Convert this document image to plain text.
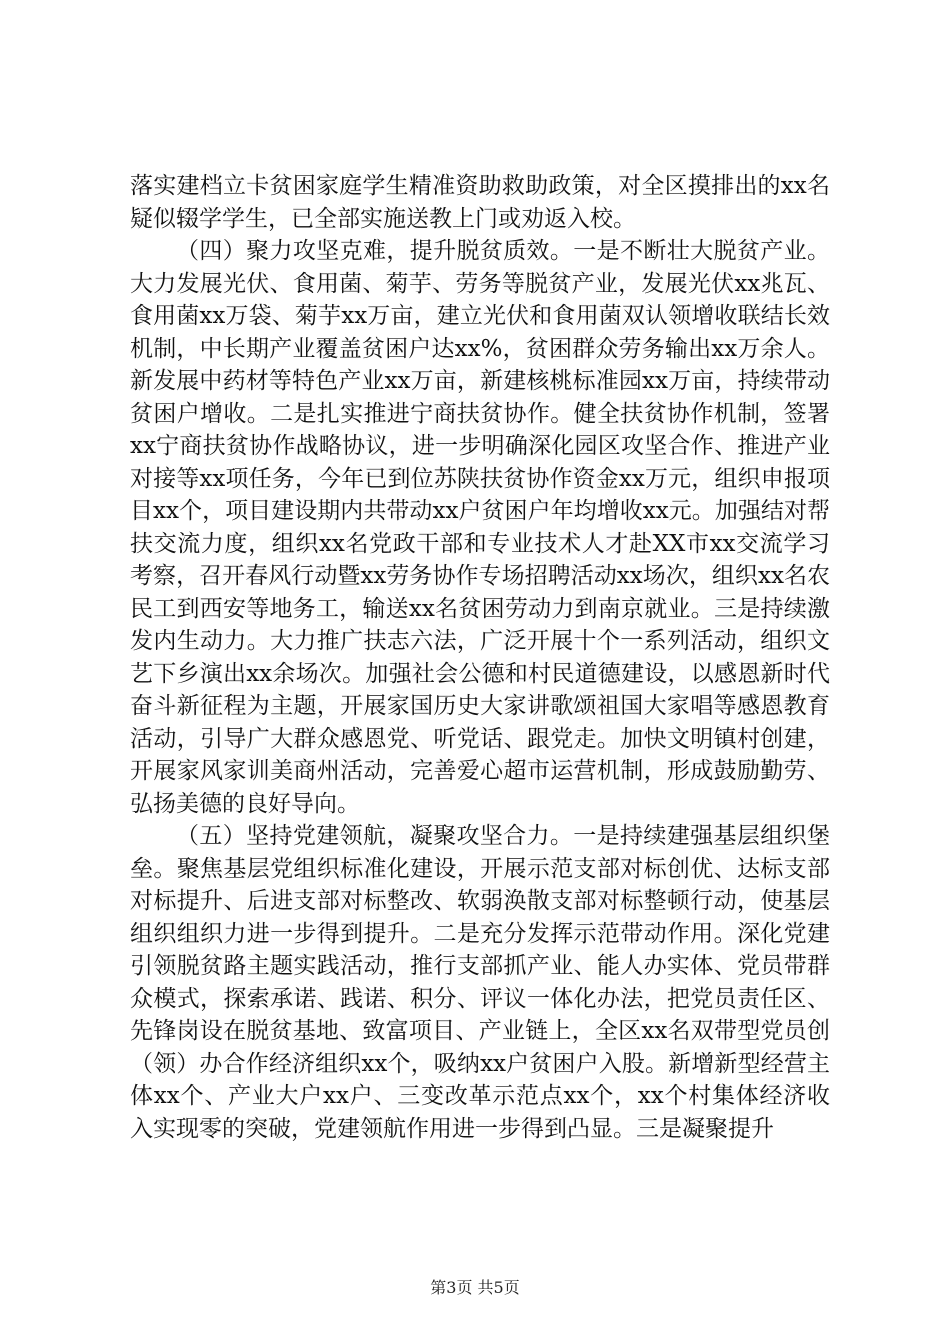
落实建档立卡贫困家庭学生精准资助救助政策，对全区摸排出的xx名疑似辍学学生，已全部实施送教上门或劝返入校。

（四）聚力攻坚克难，提升脱贫质效。一是不断壮大脱贫产业。大力发展光伏、食用菌、菊芋、劳务等脱贫产业，发展光伏xx兆瓦、食用菌xx万袋、菊芋xx万亩，建立光伏和食用菌双认领增收联结长效机制，中长期产业覆盖贫困户达xx%，贫困群众劳务输出xx万余人。新发展中药材等特色产业xx万亩，新建核桃标准园xx万亩，持续带动贫困户增收。二是扎实推进宁商扶贫协作。健全扶贫协作机制，签署xx宁商扶贫协作战略协议，进一步明确深化园区攻坚合作、推进产业对接等xx项任务，今年已到位苏陕扶贫协作资金xx万元，组织申报项目xx个，项目建设期内共带动xx户贫困户年均增收xx元。加强结对帮扶交流力度，组织xx名党政干部和专业技术人才赴XX市xx交流学习考察，召开春风行动暨xx劳务协作专场招聘活动xx场次，组织xx名农民工到西安等地务工，输送xx名贫困劳动力到南京就业。三是持续激发内生动力。大力推广扶志六法，广泛开展十个一系列活动，组织文艺下乡演出xx余场次。加强社会公德和村民道德建设，以感恩新时代奋斗新征程为主题，开展家国历史大家讲歌颂祖国大家唱等感恩教育活动，引导广大群众感恩党、听党话、跟党走。加快文明镇村创建，开展家风家训美商州活动，完善爱心超市运营机制，形成鼓励勤劳、弘扬美德的良好导向。

（五）坚持党建领航，凝聚攻坚合力。一是持续建强基层组织堡垒。聚焦基层党组织标准化建设，开展示范支部对标创优、达标支部对标提升、后进支部对标整改、软弱涣散支部对标整顿行动，使基层组织组织力进一步得到提升。二是充分发挥示范带动作用。深化党建引领脱贫路主题实践活动，推行支部抓产业、能人办实体、党员带群众模式，探索承诺、践诺、积分、评议一体化办法，把党员责任区、先锋岗设在脱贫基地、致富项目、产业链上，全区xx名双带型党员创（领）办合作经济组织xx个，吸纳xx户贫困户入股。新增新型经营主体xx个、产业大户xx户、三变改革示范点xx个，xx个村集体经济收入实现零的突破，党建领航作用进一步得到凸显。三是凝聚提升

第3页 共5页
